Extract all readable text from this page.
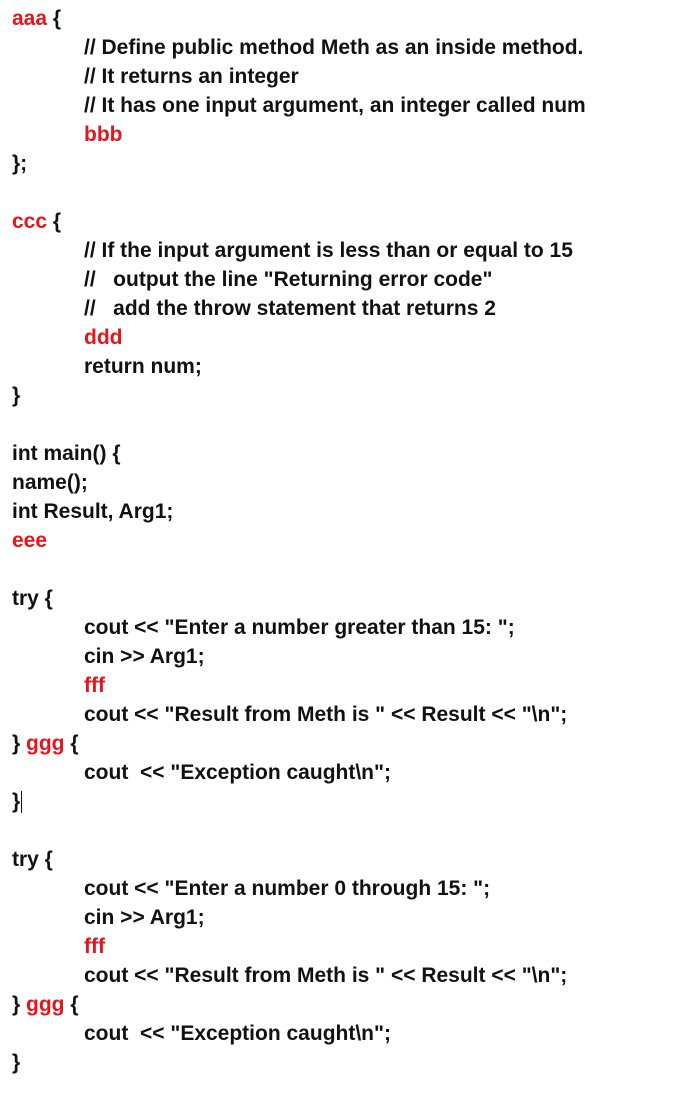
aaa {
// Define public method Meth as an inside method.
// It returns an integer
// It has one input argument, an integer called num
bbb
};
ccc {
// If the input argument is less than or equal to 15
//   output the line "Returning error code"
//   add the throw statement that returns 2
ddd
return num;
}
int main() {
name();
int Result, Arg1;
eee
try {
cout << "Enter a number greater than 15: ";
cin >> Arg1;
fff
cout << "Result from Meth is " << Result << "\n";
} ggg {
cout  << "Exception caught\n";
}
try {
cout << "Enter a number 0 through 15: ";
cin >> Arg1;
fff
cout << "Result from Meth is " << Result << "\n";
} ggg {
cout  << "Exception caught\n";
}
